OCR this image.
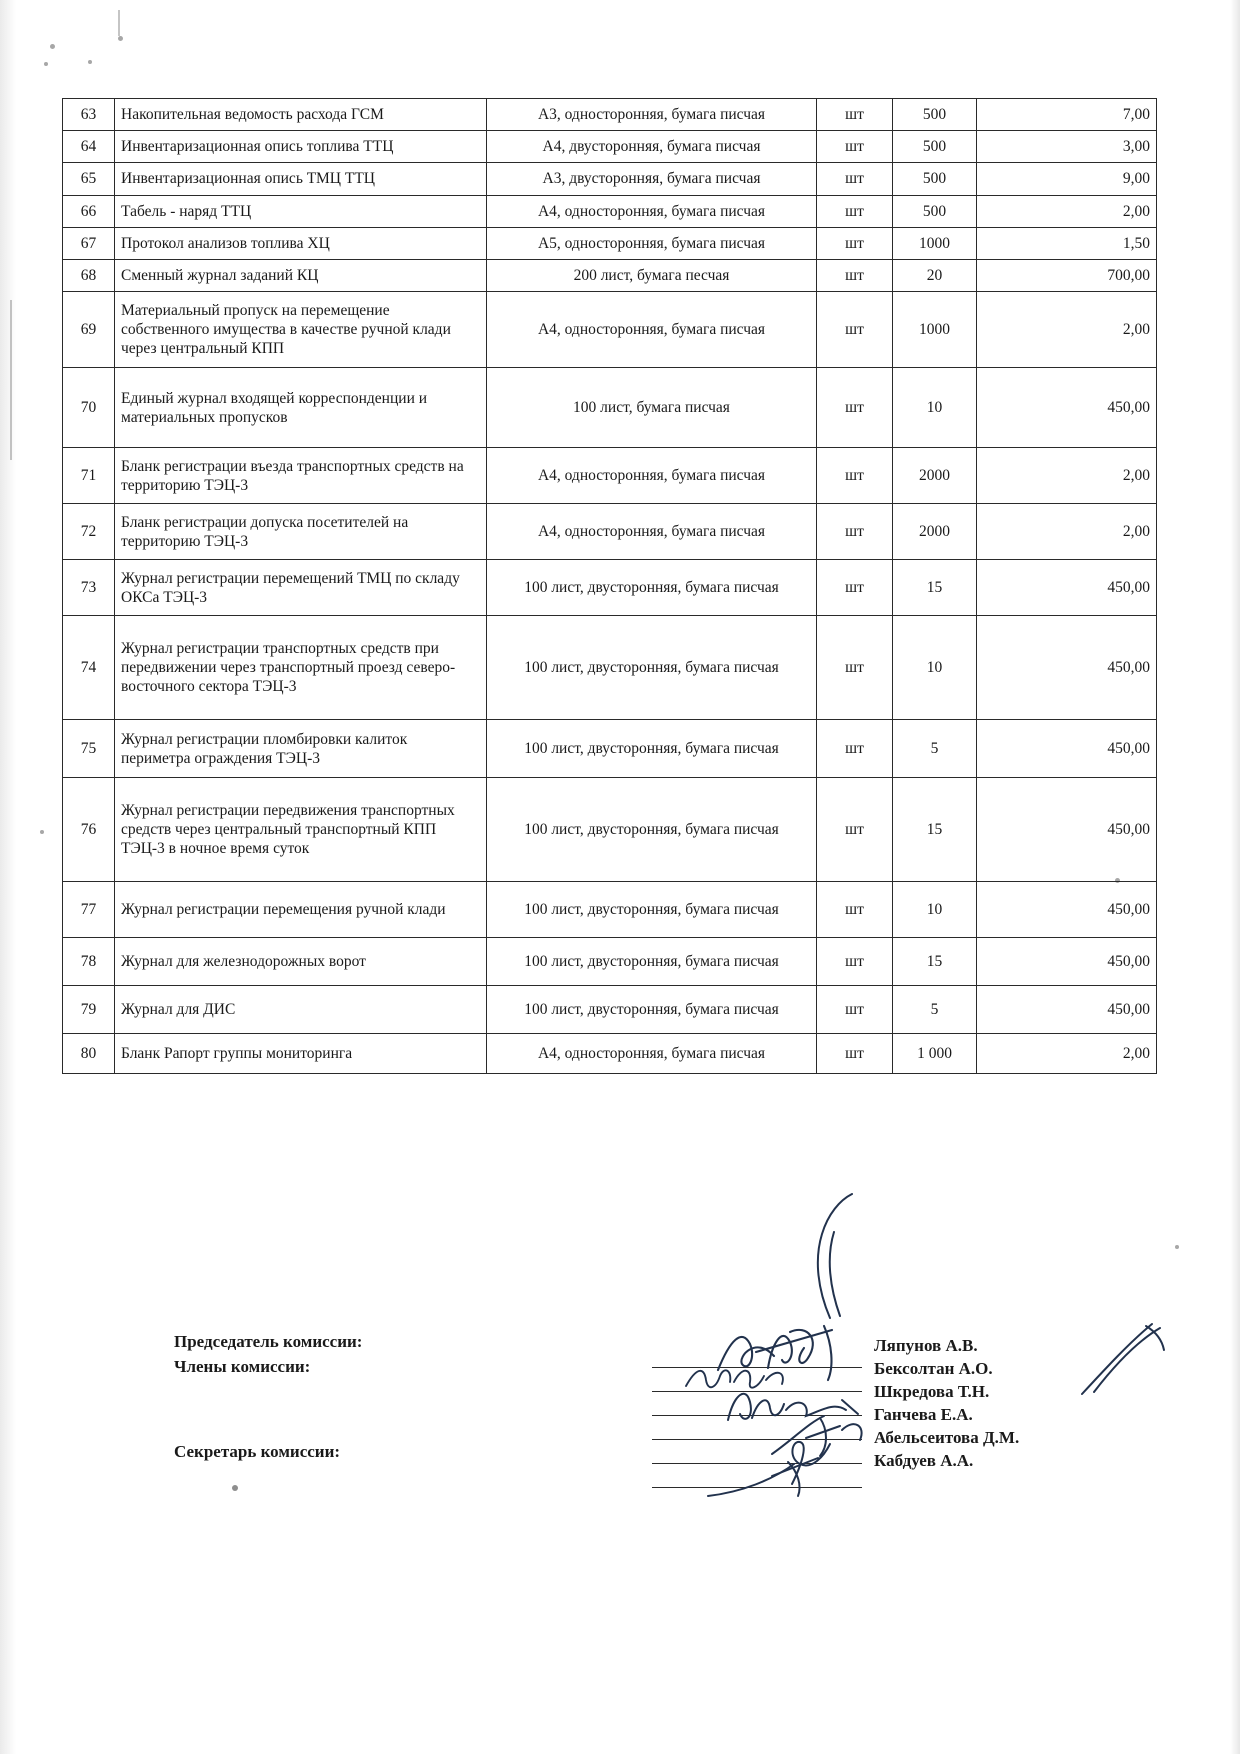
63	Накопительная ведомость расхода ГСМ	А3, односторонняя, бумага писчая	шт	500	7,00
64	Инвентаризационная опись топлива ТТЦ	А4, двусторонняя, бумага писчая	шт	500	3,00
65	Инвентаризационная опись ТМЦ ТТЦ	А3, двусторонняя, бумага писчая	шт	500	9,00
66	Табель - наряд ТТЦ	А4, односторонняя, бумага писчая	шт	500	2,00
67	Протокол анализов топлива ХЦ	А5, односторонняя, бумага писчая	шт	1000	1,50
68	Сменный журнал заданий КЦ	200 лист, бумага песчая	шт	20	700,00
69	Материальный пропуск на перемещение собственного имущества в качестве ручной клади через центральный КПП	А4, односторонняя, бумага писчая	шт	1000	2,00
70	Единый журнал входящей корреспонденции и материальных пропусков	100 лист, бумага писчая	шт	10	450,00
71	Бланк регистрации въезда транспортных средств на территорию ТЭЦ-3	А4, односторонняя, бумага писчая	шт	2000	2,00
72	Бланк регистрации допуска посетителей на территорию ТЭЦ-3	А4, односторонняя, бумага писчая	шт	2000	2,00
73	Журнал регистрации перемещений ТМЦ по складу ОКСа ТЭЦ-3	100 лист, двусторонняя, бумага писчая	шт	15	450,00
74	Журнал регистрации транспортных средств при передвижении через транспортный проезд северо-восточного сектора ТЭЦ-3	100 лист, двусторонняя, бумага писчая	шт	10	450,00
75	Журнал регистрации пломбировки калиток периметра ограждения ТЭЦ-3	100 лист, двусторонняя, бумага писчая	шт	5	450,00
76	Журнал регистрации передвижения транспортных средств через центральный транспортный КПП ТЭЦ-3 в ночное время суток	100 лист, двусторонняя, бумага писчая	шт	15	450,00
77	Журнал регистрации перемещения ручной клади	100 лист, двусторонняя, бумага писчая	шт	10	450,00
78	Журнал для железнодорожных ворот	100 лист, двусторонняя, бумага писчая	шт	15	450,00
79	Журнал для ДИС	100 лист, двусторонняя, бумага писчая	шт	5	450,00
80	Бланк Рапорт группы мониторинга	А4, односторонняя, бумага писчая	шт	1 000	2,00
Председатель комиссии:
Члены комиссии:
Секретарь комиссии:
Ляпунов А.В.
Бексолтан А.О.
Шкредова Т.Н.
Ганчева Е.А.
Абельсеитова Д.М.
Кабдуев А.А.
